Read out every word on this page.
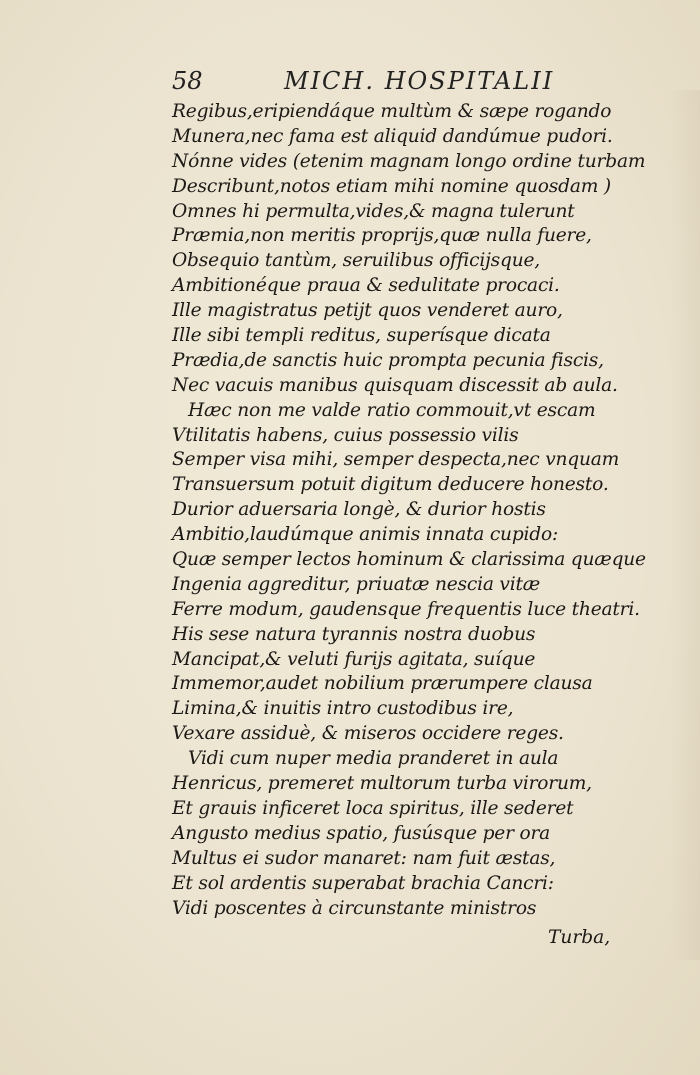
58	MICH. HOSPITALII
Regibus,eripiendáque multùm & sæpe rogando
Munera,nec fama est aliquid dandúmue pudori.
Nónne vides (etenim magnam longo ordine turbam
Describunt,notos etiam mihi nomine quosdam )
Omnes hi permulta,vides,& magna tulerunt
Præmia,non meritis proprijs,quæ nulla fuere,
Obsequio tantùm, seruilibus officijsque,
Ambitionéque praua & sedulitate procaci.
Ille magistratus petijt quos venderet auro,
Ille sibi templi reditus, superísque dicata
Prædia,de sanctis huic prompta pecunia fiscis,
Nec vacuis manibus quisquam discessit ab aula.
Hæc non me valde ratio commouit,vt escam
Vtilitatis habens, cuius possessio vilis
Semper visa mihi, semper despecta,nec vnquam
Transuersum potuit digitum deducere honesto.
Durior aduersaria longè, & durior hostis
Ambitio,laudúmque animis innata cupido:
Quæ semper lectos hominum & clarissima quæque
Ingenia aggreditur, priuatæ nescia vitæ
Ferre modum, gaudensque frequentis luce theatri.
His sese natura tyrannis nostra duobus
Mancipat,& veluti furijs agitata, suíque
Immemor,audet nobilium prærumpere clausa
Limina,& inuitis intro custodibus ire,
Vexare assiduè, & miseros occidere reges.
Vidi cum nuper media pranderet in aula
Henricus, premeret multorum turba virorum,
Et grauis inficeret loca spiritus, ille sederet
Angusto medius spatio, fusúsque per ora
Multus ei sudor manaret: nam fuit æstas,
Et sol ardentis superabat brachia Cancri:
Vidi poscentes à circunstante ministros
Turba,
